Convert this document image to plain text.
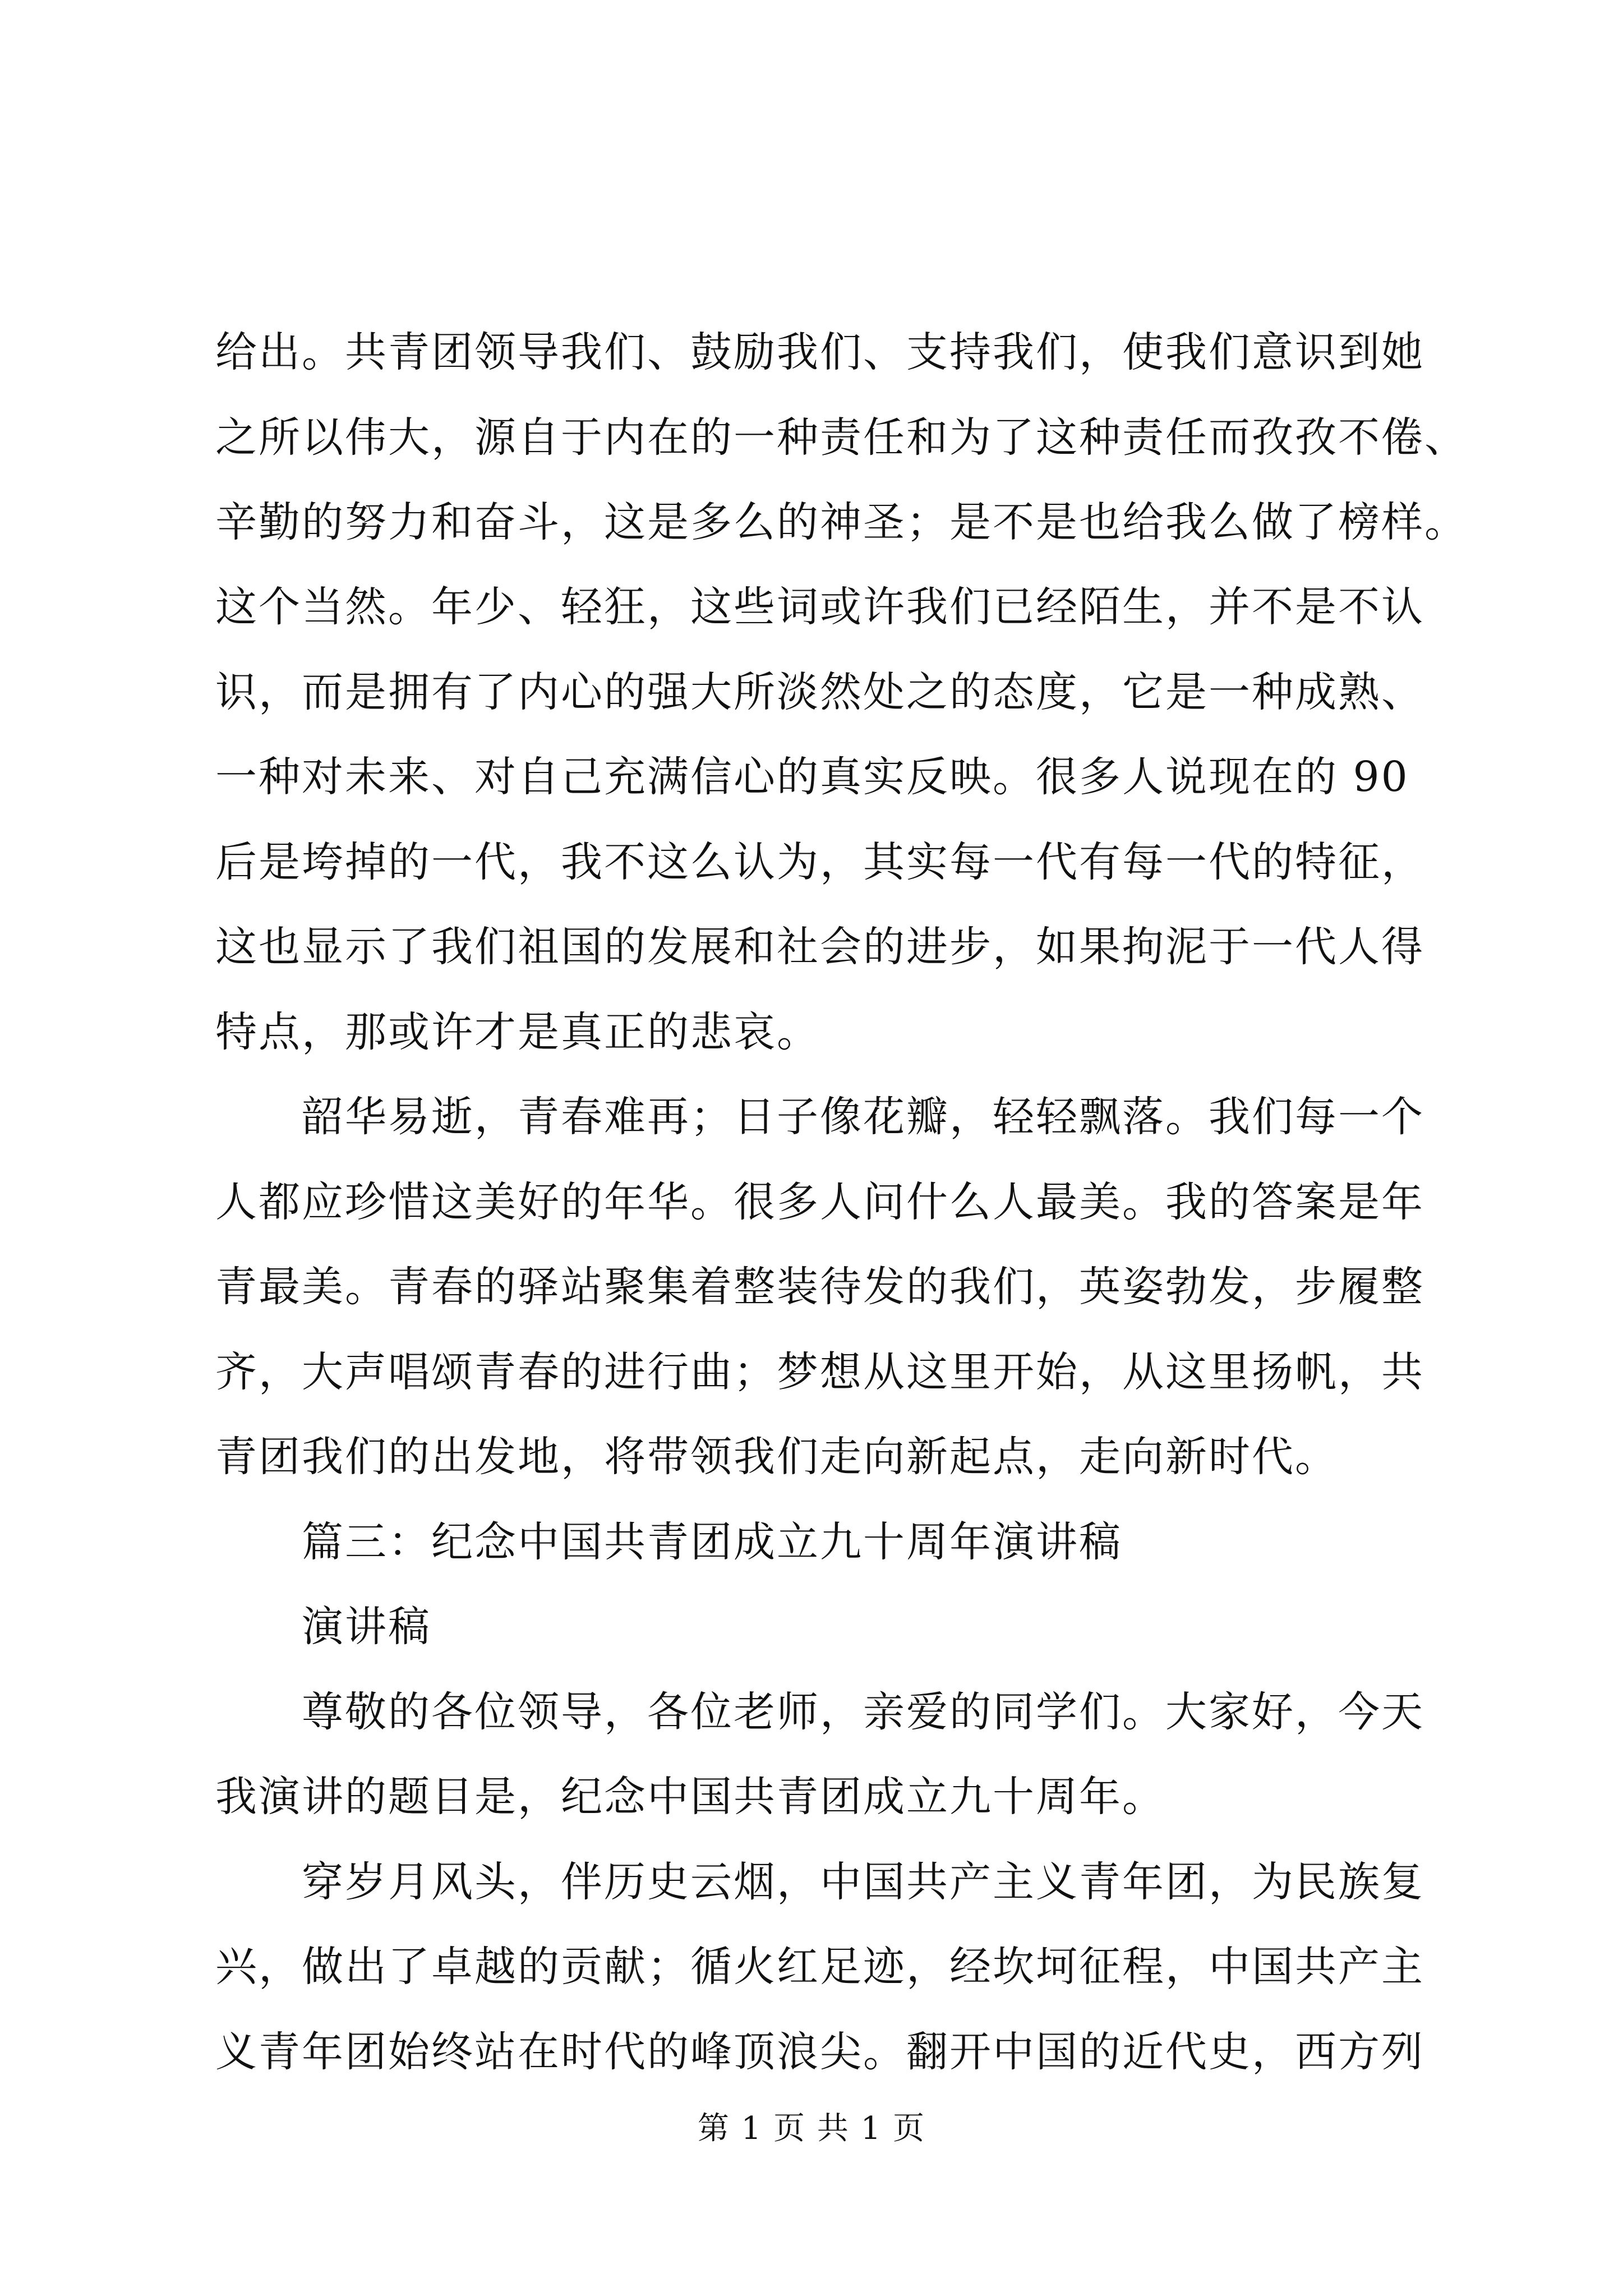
给出。共青团领导我们、鼓励我们、支持我们，使我们意识到她
之所以伟大，源自于内在的一种责任和为了这种责任而孜孜不倦、
辛勤的努力和奋斗，这是多么的神圣；是不是也给我么做了榜样。
这个当然。年少、轻狂，这些词或许我们已经陌生，并不是不认
识，而是拥有了内心的强大所淡然处之的态度，它是一种成熟、
一种对未来、对自己充满信心的真实反映。很多人说现在的 90
后是垮掉的一代，我不这么认为，其实每一代有每一代的特征，
这也显示了我们祖国的发展和社会的进步，如果拘泥于一代人得
特点，那或许才是真正的悲哀。
　　韶华易逝，青春难再；日子像花瓣，轻轻飘落。我们每一个
人都应珍惜这美好的年华。很多人问什么人最美。我的答案是年
青最美。青春的驿站聚集着整装待发的我们，英姿勃发，步履整
齐，大声唱颂青春的进行曲；梦想从这里开始，从这里扬帆，共
青团我们的出发地，将带领我们走向新起点，走向新时代。
　　篇三：纪念中国共青团成立九十周年演讲稿
　　演讲稿
　　尊敬的各位领导，各位老师，亲爱的同学们。大家好，今天
我演讲的题目是，纪念中国共青团成立九十周年。
　　穿岁月风头，伴历史云烟，中国共产主义青年团，为民族复
兴，做出了卓越的贡献；循火红足迹，经坎坷征程，中国共产主
义青年团始终站在时代的峰顶浪尖。翻开中国的近代史，西方列
第 1 页 共 1 页
